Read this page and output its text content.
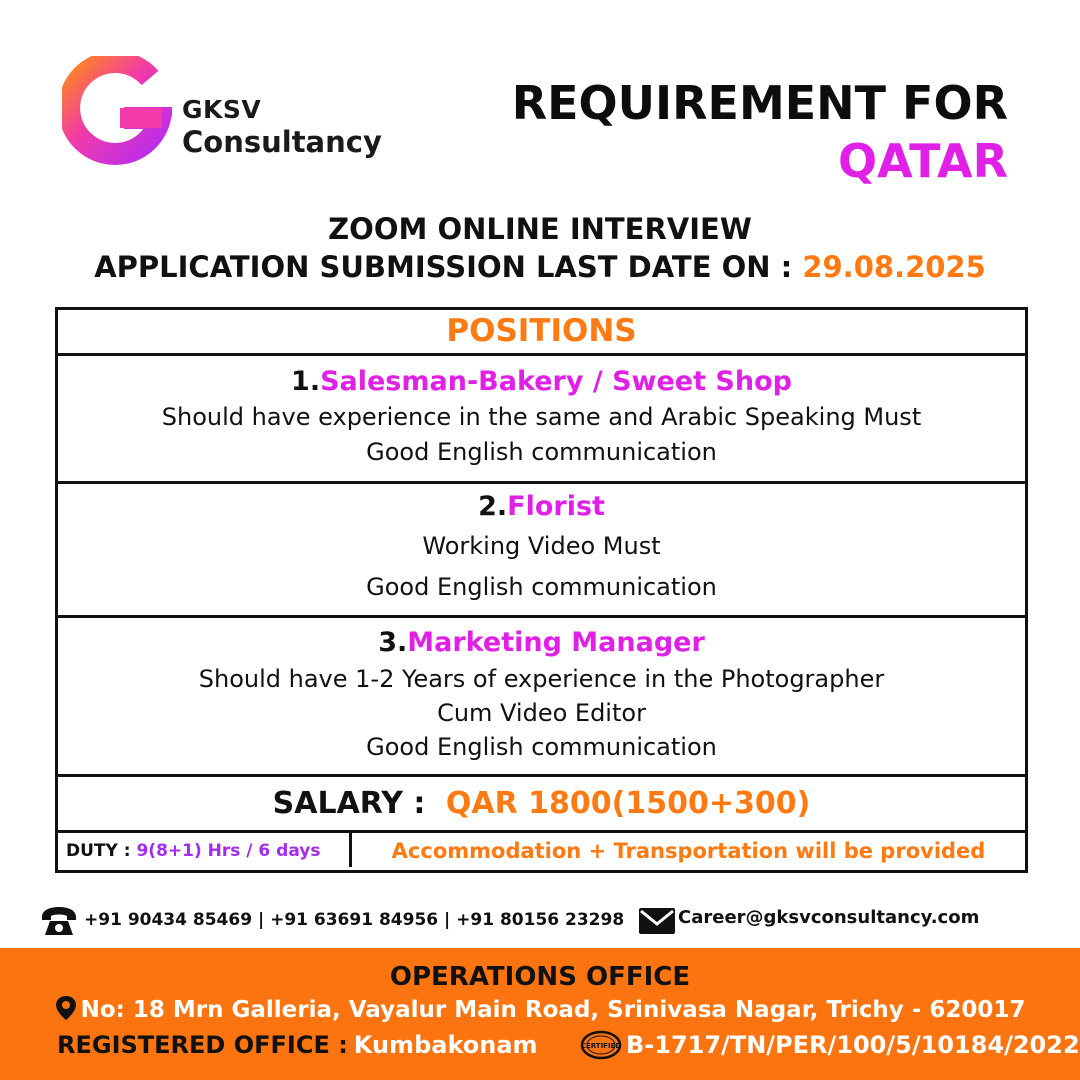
GKSV
Consultancy
REQUIREMENT FOR
QATAR
ZOOM ONLINE INTERVIEW
APPLICATION SUBMISSION LAST DATE ON : 29.08.2025
POSITIONS
1.Salesman-Bakery / Sweet Shop
Should have experience in the same and Arabic Speaking Must
Good English communication
2.Florist
Working Video Must
Good English communication
3.Marketing Manager
Should have 1-2 Years of experience in the Photographer
Cum Video Editor
Good English communication
SALARY : QAR 1800(1500+300)
DUTY : 9(8+1) Hrs / 6 days	Accommodation + Transportation will be provided
+91 90434 85469 | +91 63691 84956 | +91 80156 23298	Career@gksvconsultancy.com
OPERATIONS OFFICE
No: 18 Mrn Galleria, Vayalur Main Road, Srinivasa Nagar, Trichy - 620017
REGISTERED OFFICE : Kumbakonam	CERTIFIED B-1717/TN/PER/100/5/10184/2022
